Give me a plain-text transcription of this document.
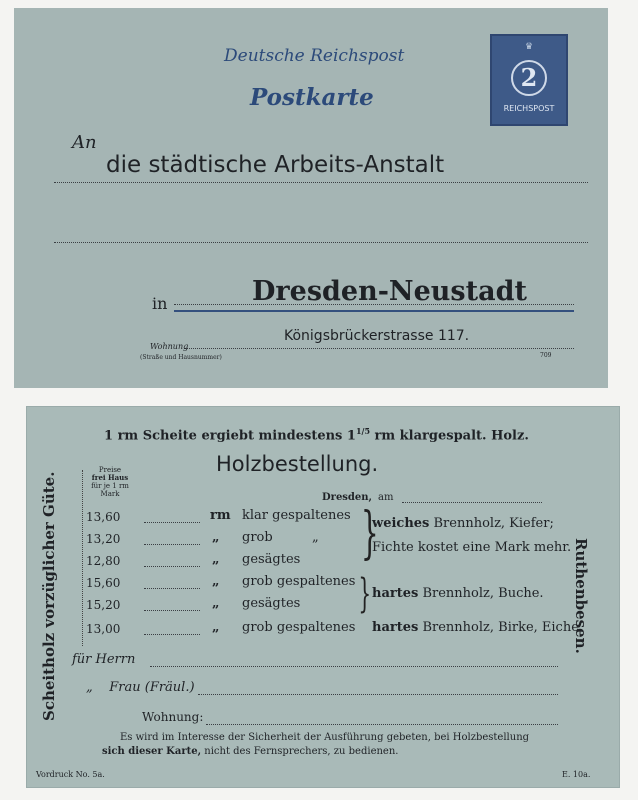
Deutsche Reichspost
Postkarte
♛
2
REICHSPOST
An
die städtische Arbeits-Anstalt
in	Dresden-Neustadt
Königsbrückerstrasse 117.
Wohnung
(Straße und Hausnummer)	709
1 rm Scheite ergiebt mindestens $1^{1/5}$ rm klargespalt. Holz.
Holzbestellung.
Preise
frei Haus
für je 1 rm
Mark	Dresden, am
13,60	rm klar gespaltenes
13,20	„ grob	„
12,80	„ gesägtes }
weiches Brennholz, Kiefer;
Fichte kostet eine Mark mehr.
15,60	„ grob gespaltenes
15,20	„ gesägtes } hartes Brennholz, Buche.
13,00	„ grob gespaltenes hartes Brennholz, Birke, Eiche.
für Herrn
„    Frau (Fräul.)
Wohnung:
Es wird im Interesse der Sicherheit der Ausführung gebeten, bei Holzbestellung
sich dieser Karte, nicht des Fernsprechers, zu bedienen.
Scheitholz vorzüglicher Güte.	Ruthenbesen.
Vordruck No. 5a.	E. 10a.
